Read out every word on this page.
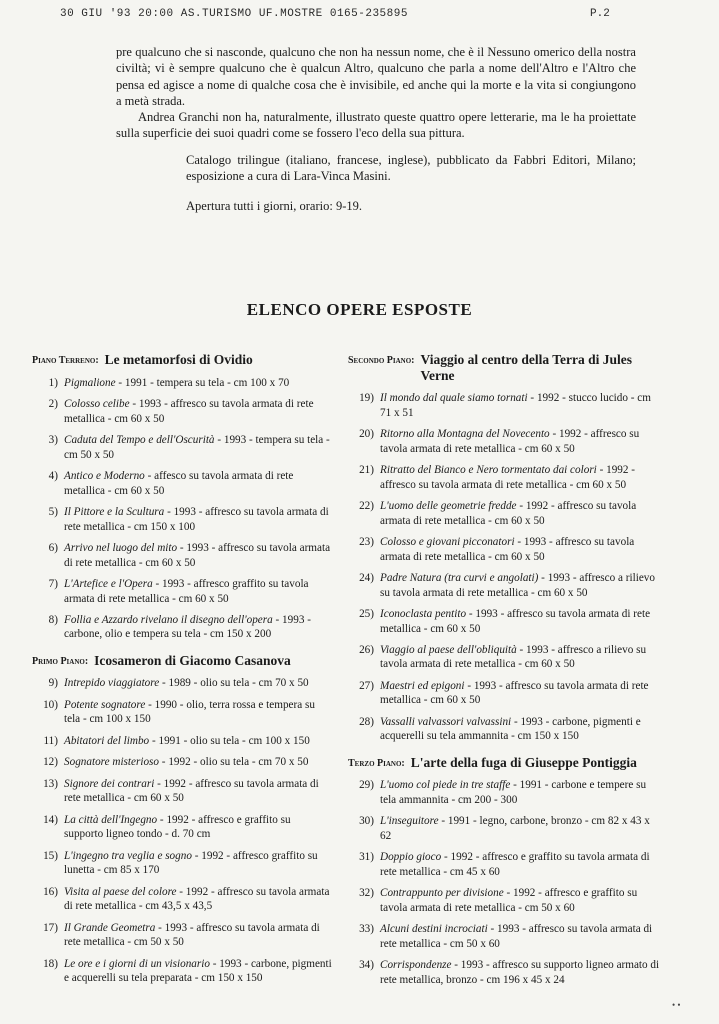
30 GIU '93 20:00 AS.TURISMO UF.MOSTRE 0165-235895	P.2

pre qualcuno che si nasconde, qualcuno che non ha nessun nome, che è il Nessuno omerico della nostra civiltà; vi è sempre qualcuno che è qualcun Altro, qualcuno che parla a nome dell'Altro e l'Altro che pensa ed agisce a nome di qualche cosa che è invisibile, ed anche qui la morte e la vita si congiungono a metà strada.

Andrea Granchi non ha, naturalmente, illustrato queste quattro opere letterarie, ma le ha proiettate sulla superficie dei suoi quadri come se fossero l'eco della sua pittura.

Catalogo trilingue (italiano, francese, inglese), pubblicato da Fabbri Editori, Milano; esposizione a cura di Lara-Vinca Masini.

Apertura tutti i giorni, orario: 9-19.

ELENCO OPERE ESPOSTE
Piano Terreno: Le metamorfosi di Ovidio
1) Pigmalione - 1991 - tempera su tela - cm 100 x 70
2) Colosso celibe - 1993 - affresco su tavola armata di rete metallica - cm 60 x 50
3) Caduta del Tempo e dell'Oscurità - 1993 - tempera su tela - cm 50 x 50
4) Antico e Moderno - affesco su tavola armata di rete metallica - cm 60 x 50
5) Il Pittore e la Scultura - 1993 - affresco su tavola armata di rete metallica - cm 150 x 100
6) Arrivo nel luogo del mito - 1993 - affresco su tavola armata di rete metallica - cm 60 x 50
7) L'Artefice e l'Opera - 1993 - affresco graffito su tavola armata di rete metallica - cm 60 x 50
8) Follia e Azzardo rivelano il disegno dell'opera - 1993 - carbone, olio e tempera su tela - cm 150 x 200
Primo Piano: Icosameron di Giacomo Casanova
9) Intrepido viaggiatore - 1989 - olio su tela - cm 70 x 50
10) Potente sognatore - 1990 - olio, terra rossa e tempera su tela - cm 100 x 150
11) Abitatori del limbo - 1991 - olio su tela - cm 100 x 150
12) Sognatore misterioso - 1992 - olio su tela - cm 70 x 50
13) Signore dei contrari - 1992 - affresco su tavola armata di rete metallica - cm 60 x 50
14) La città dell'Ingegno - 1992 - affresco e graffito su supporto ligneo tondo - d. 70 cm
15) L'ingegno tra veglia e sogno - 1992 - affresco graffito su lunetta - cm 85 x 170
16) Visita al paese del colore - 1992 - affresco su tavola armata di rete metallica - cm 43,5 x 43,5
17) Il Grande Geometra - 1993 - affresco su tavola armata di rete metallica - cm 50 x 50
18) Le ore e i giorni di un visionario - 1993 - carbone, pigmenti e acquerelli su tela preparata - cm 150 x 150
Secondo Piano: Viaggio al centro della Terra di Jules Verne
19) Il mondo dal quale siamo tornati - 1992 - stucco lucido - cm 71 x 51
20) Ritorno alla Montagna del Novecento - 1992 - affresco su tavola armata di rete metallica - cm 60 x 50
21) Ritratto del Bianco e Nero tormentato dai colori - 1992 - affresco su tavola armata di rete metallica - cm 60 x 50
22) L'uomo delle geometrie fredde - 1992 - affresco su tavola armata di rete metallica - cm 60 x 50
23) Colosso e giovani picconatori - 1993 - affresco su tavola armata di rete metallica - cm 60 x 50
24) Padre Natura (tra curvi e angolati) - 1993 - affresco a rilievo su tavola armata di rete metallica - cm 60 x 50
25) Iconoclasta pentito - 1993 - affresco su tavola armata di rete metallica - cm 60 x 50
26) Viaggio al paese dell'obliquità - 1993 - affresco a rilievo su tavola armata di rete metallica - cm 60 x 50
27) Maestri ed epigoni - 1993 - affresco su tavola armata di rete metallica - cm 60 x 50
28) Vassalli valvassori valvassini - 1993 - carbone, pigmenti e acquerelli su tela ammannita - cm 150 x 150
Terzo Piano: L'arte della fuga di Giuseppe Pontiggia
29) L'uomo col piede in tre staffe - 1991 - carbone e tempere su tela ammannita - cm 200 - 300
30) L'inseguitore - 1991 - legno, carbone, bronzo - cm 82 x 43 x 62
31) Doppio gioco - 1992 - affresco e graffito su tavola armata di rete metallica - cm 45 x 60
32) Contrappunto per divisione - 1992 - affresco e graffito su tavola armata di rete metallica - cm 50 x 60
33) Alcuni destini incrociati - 1993 - affresco su tavola armata di rete metallica - cm 50 x 60
34) Corrispondenze - 1993 - affresco su supporto ligneo armato di rete metallica, bronzo - cm 196 x 45 x 24
• •
